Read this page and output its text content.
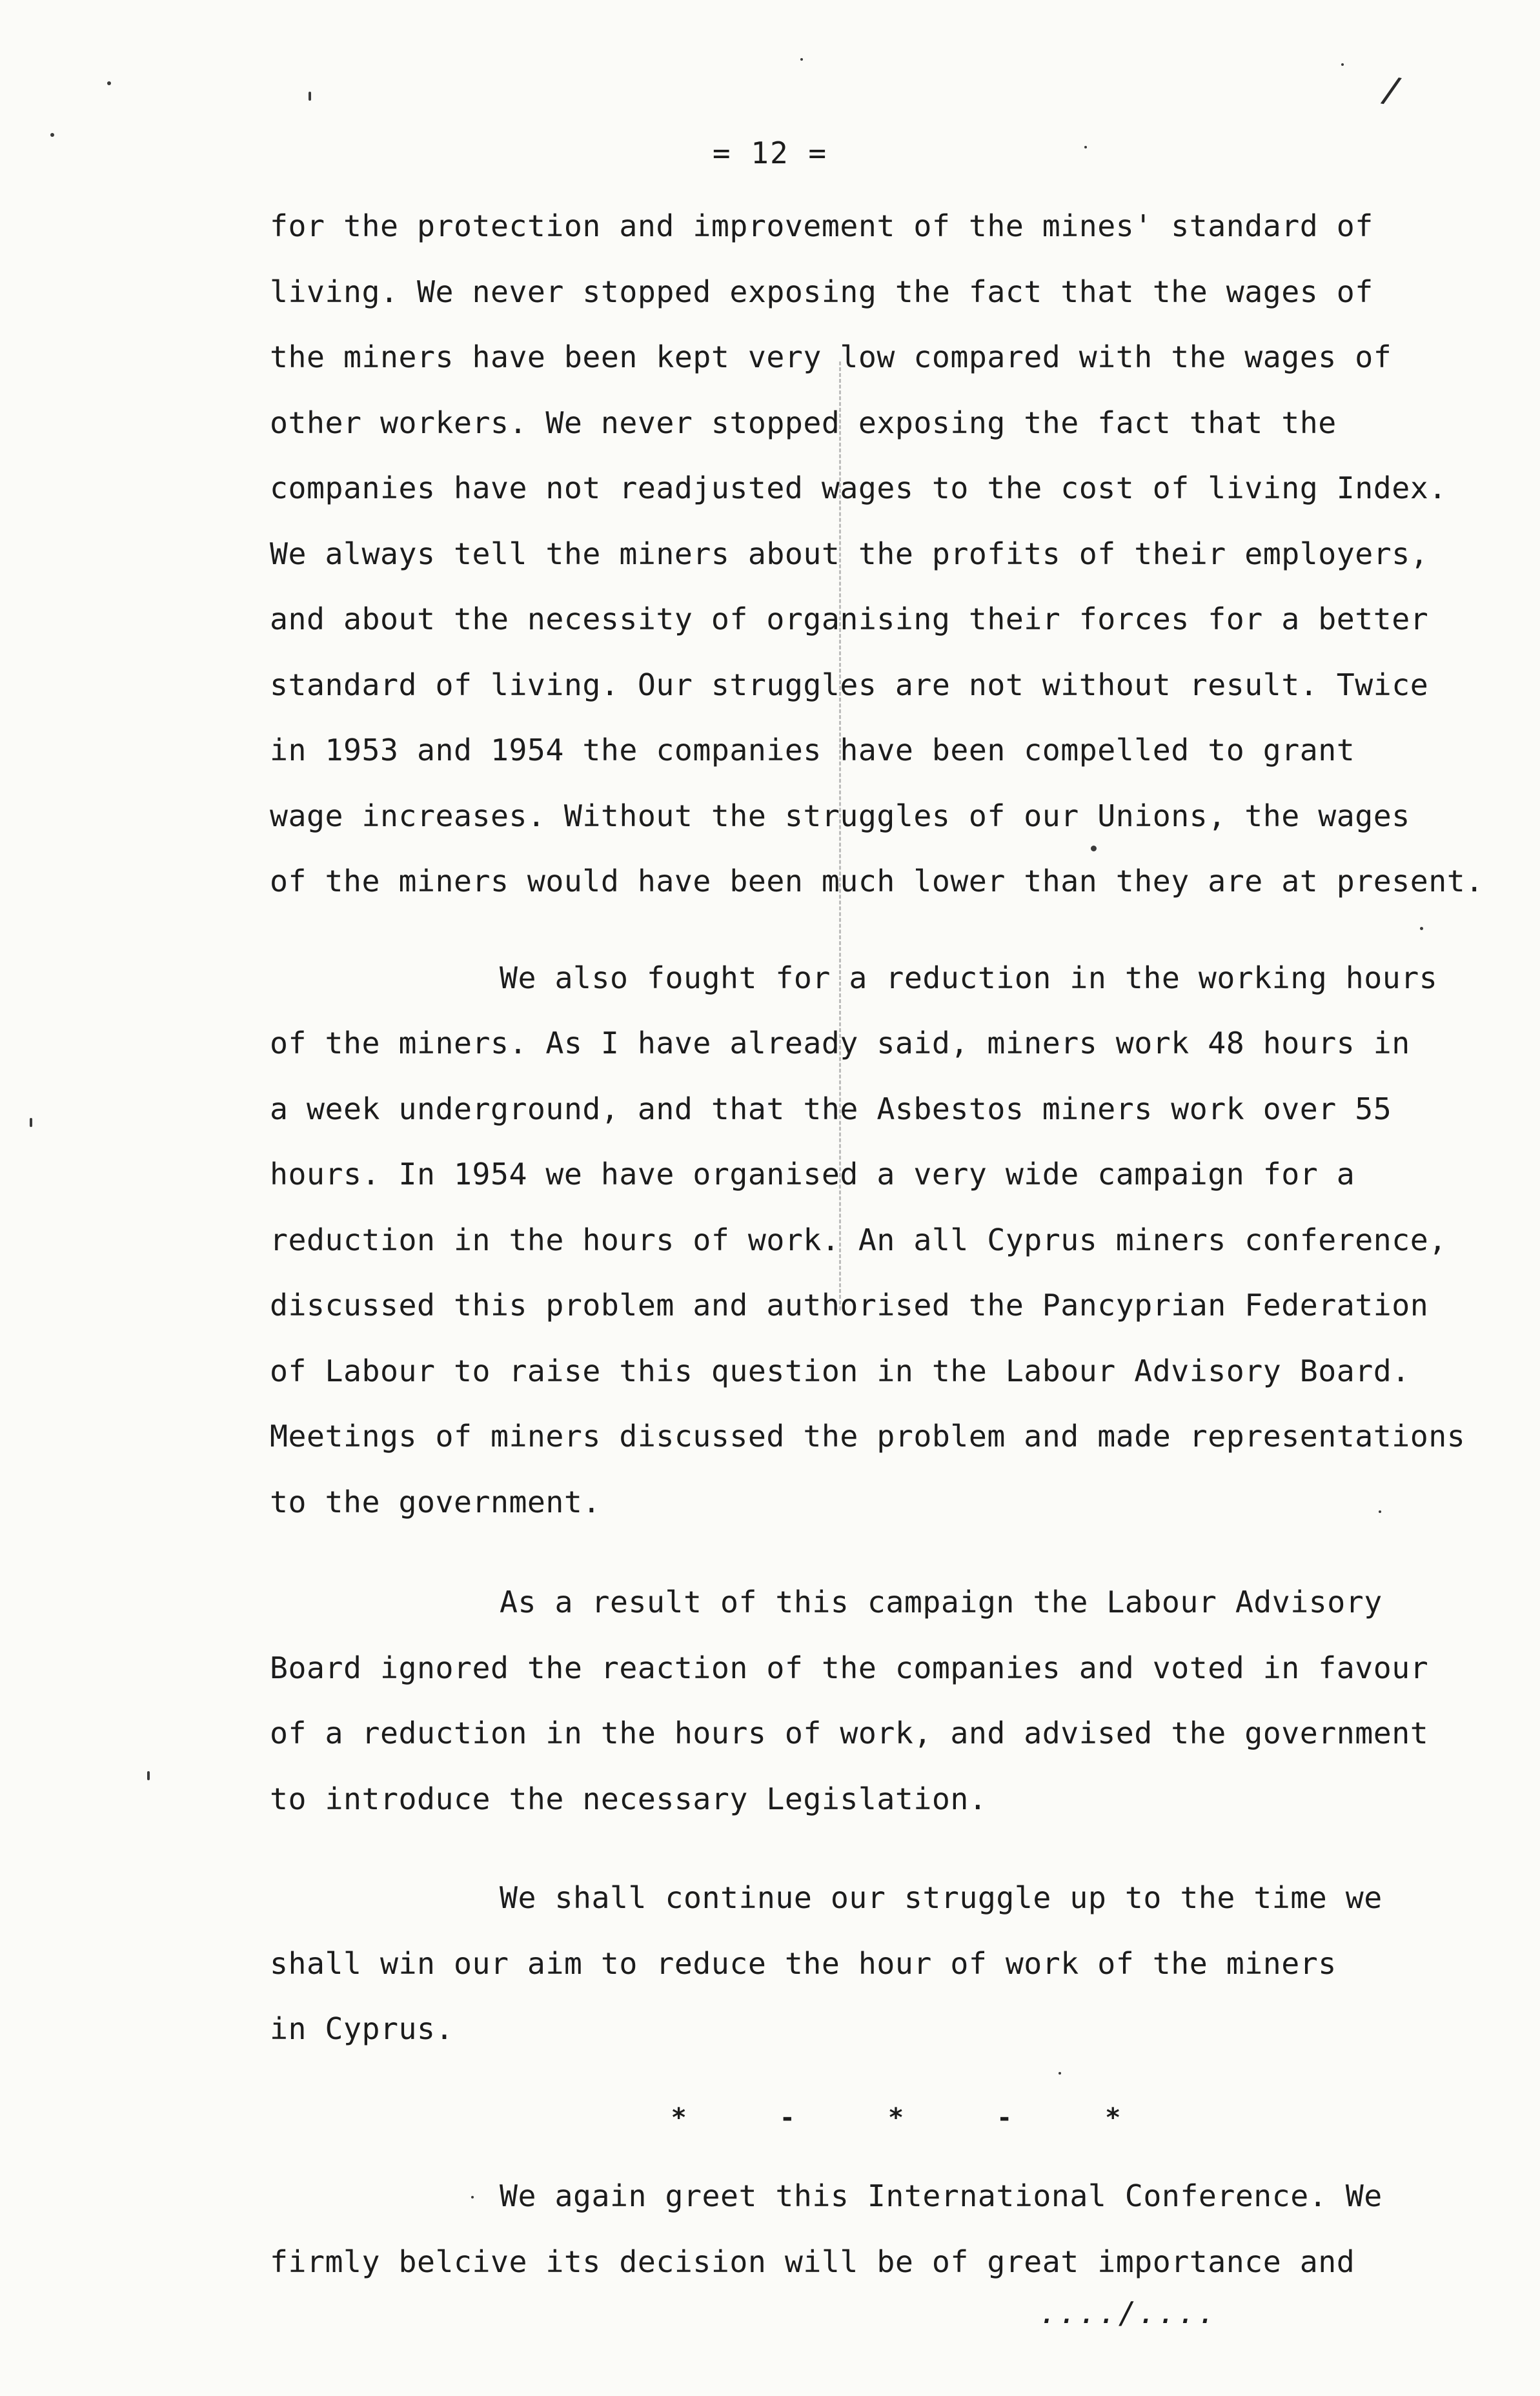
/
= 12 =

for the protection and improvement of the mines' standard of
living. We never stopped exposing the fact that the wages of
the miners have been kept very low compared with the wages of
other workers. We never stopped exposing the fact that the
companies have not readjusted wages to the cost of living Index.
We always tell the miners about the profits of their employers,
and about the necessity of organising their forces for a better
standard of living. Our struggles are not without result. Twice
in 1953 and 1954 the companies have been compelled to grant
wage increases. Without the struggles of our Unions, the wages
of the miners would have been much lower than they are at present.

We also fought for a reduction in the working hours
of the miners. As I have already said, miners work 48 hours in
a week underground, and that the Asbestos miners work over 55
hours. In 1954 we have organised a very wide campaign for a
reduction in the hours of work. An all Cyprus miners conference,
discussed this problem and authorised the Pancyprian Federation
of Labour to raise this question in the Labour Advisory Board.
Meetings of miners discussed the problem and made representations
to the government.

As a result of this campaign the Labour Advisory
Board ignored the reaction of the companies and voted in favour
of a reduction in the hours of work, and advised the government
to introduce the necessary Legislation.

We shall continue our struggle up to the time we
shall win our aim to reduce the hour of work of the miners
in Cyprus.

* - * - *

We again greet this International Conference. We
firmly belcive its decision will be of great importance and

..../....
